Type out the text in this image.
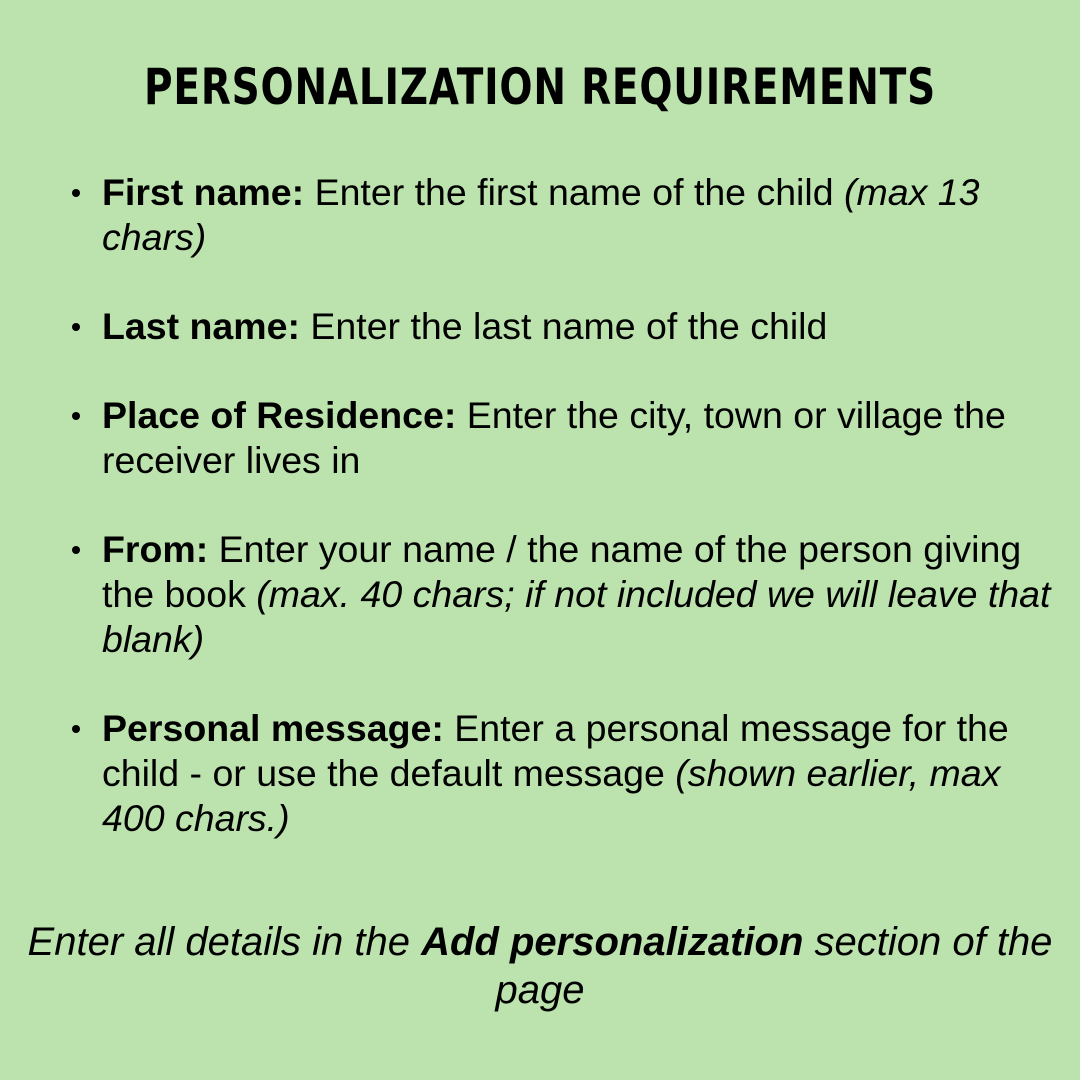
PERSONALIZATION REQUIREMENTS
First name: Enter the first name of the child (max 13 chars)
Last name: Enter the last name of the child
Place of Residence: Enter the city, town or village the receiver lives in
From: Enter your name / the name of the person giving the book (max. 40 chars; if not included we will leave that blank)
Personal message: Enter a personal message for the child - or use the default message (shown earlier, max 400 chars.)
Enter all details in the Add personalization section of the page
